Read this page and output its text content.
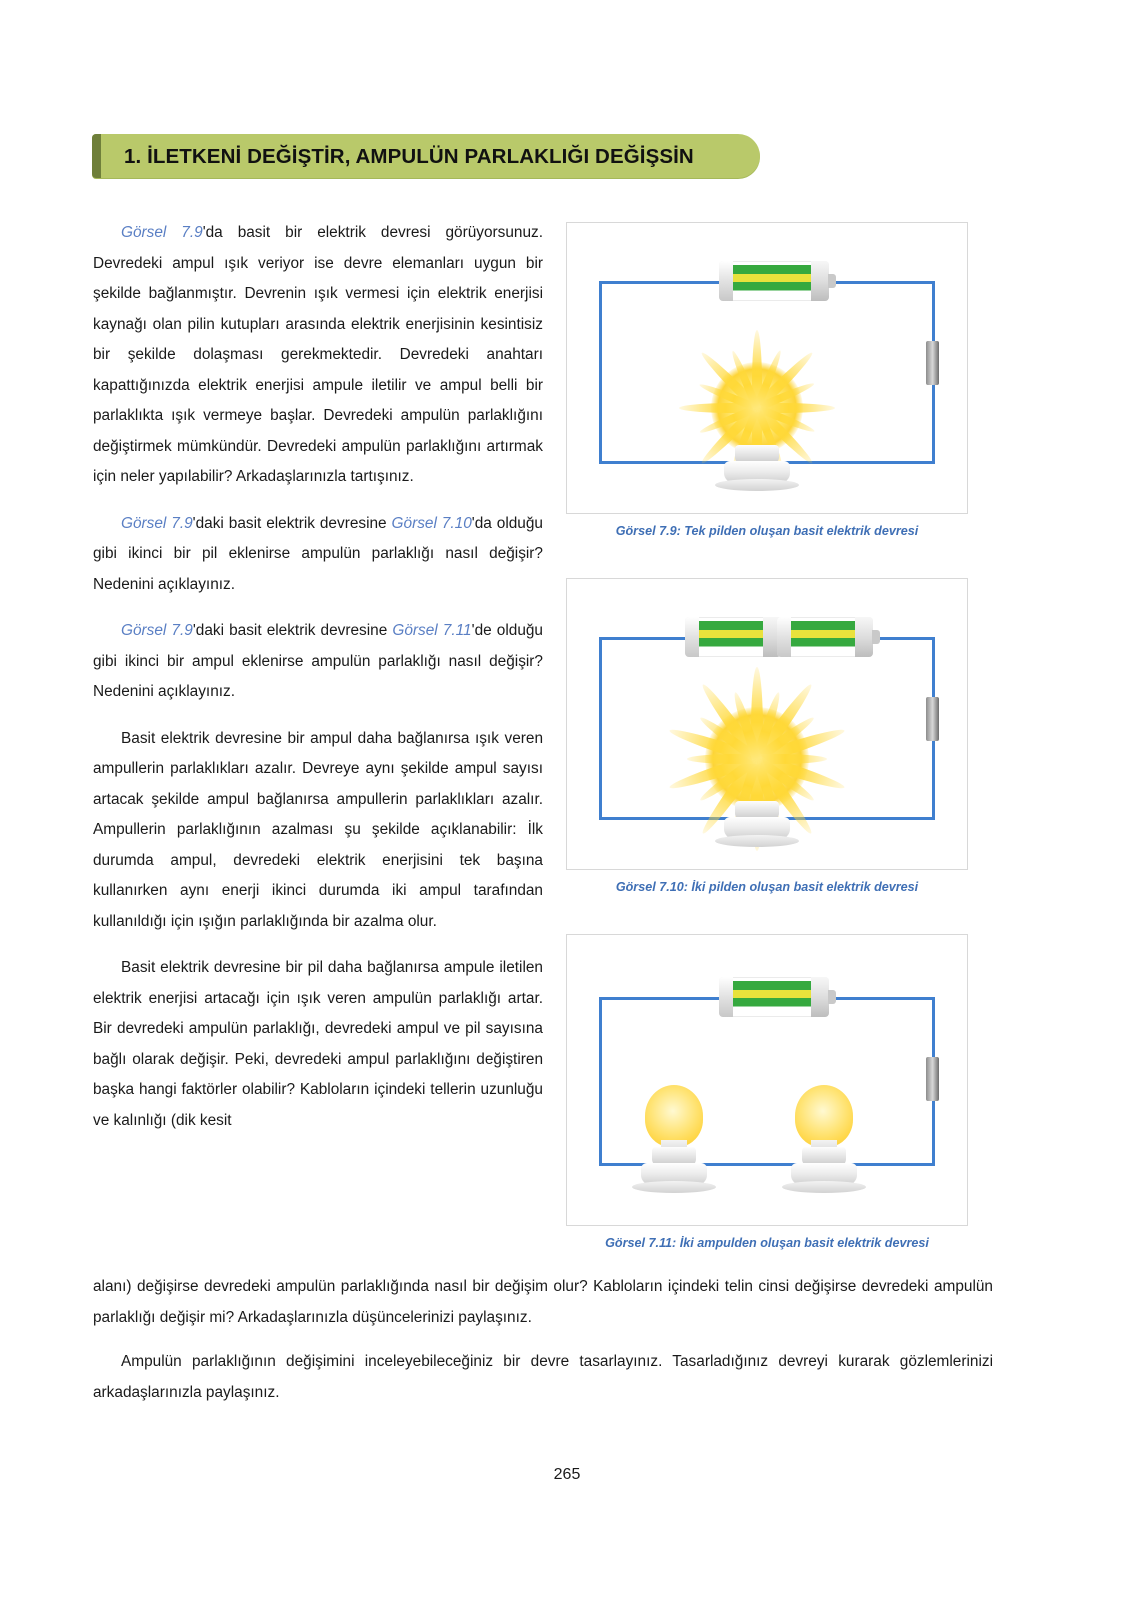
1. İLETKENİ DEĞİŞTİR, AMPULÜN PARLAKLIĞI DEĞİŞSİN

Görsel 7.9'da basit bir elektrik devresi görüyorsunuz. Devredeki ampul ışık veriyor ise devre elemanları uygun bir şekilde bağlanmıştır. Devrenin ışık vermesi için elektrik enerjisi kaynağı olan pilin kutupları arasında elektrik enerjisinin kesintisiz bir şekilde dolaşması gerekmektedir. Devredeki anahtarı kapattığınızda elektrik enerjisi ampule iletilir ve ampul belli bir parlaklıkta ışık vermeye başlar. Devredeki ampulün parlaklığını değiştirmek mümkündür. Devredeki ampulün parlaklığını artırmak için neler yapılabilir? Arkadaşlarınızla tartışınız.

Görsel 7.9'daki basit elektrik devresine Görsel 7.10'da olduğu gibi ikinci bir pil eklenirse ampulün parlaklığı nasıl değişir? Nedenini açıklayınız.

Görsel 7.9'daki basit elektrik devresine Görsel 7.11'de olduğu gibi ikinci bir ampul eklenirse ampulün parlaklığı nasıl değişir? Nedenini açıklayınız.

Basit elektrik devresine bir ampul daha bağlanırsa ışık veren ampullerin parlaklıkları azalır. Devreye aynı şekilde ampul sayısı artacak şekilde ampul bağlanırsa ampullerin parlaklıkları azalır. Ampullerin parlaklığının azalması şu şekilde açıklanabilir: İlk durumda ampul, devredeki elektrik enerjisini tek başına kullanırken aynı enerji ikinci durumda iki ampul tarafından kullanıldığı için ışığın parlaklığında bir azalma olur.

Basit elektrik devresine bir pil daha bağlanırsa ampule iletilen elektrik enerjisi artacağı için ışık veren ampulün parlaklığı artar. Bir devredeki ampulün parlaklığı, devredeki ampul ve pil sayısına bağlı olarak değişir. Peki, devredeki ampul parlaklığını değiştiren başka hangi faktörler olabilir? Kabloların içindeki tellerin uzunluğu ve kalınlığı (dik kesit

Görsel 7.9: Tek pilden oluşan basit elektrik devresi
Görsel 7.10: İki pilden oluşan basit elektrik devresi
Görsel 7.11: İki ampulden oluşan basit elektrik devresi

alanı) değişirse devredeki ampulün parlaklığında nasıl bir değişim olur? Kabloların içindeki telin cinsi değişirse devredeki ampulün parlaklığı değişir mi? Arkadaşlarınızla düşüncelerinizi paylaşınız.

Ampulün parlaklığının değişimini inceleyebileceğiniz bir devre tasarlayınız. Tasarladığınız devreyi kurarak gözlemlerinizi arkadaşlarınızla paylaşınız.

265
